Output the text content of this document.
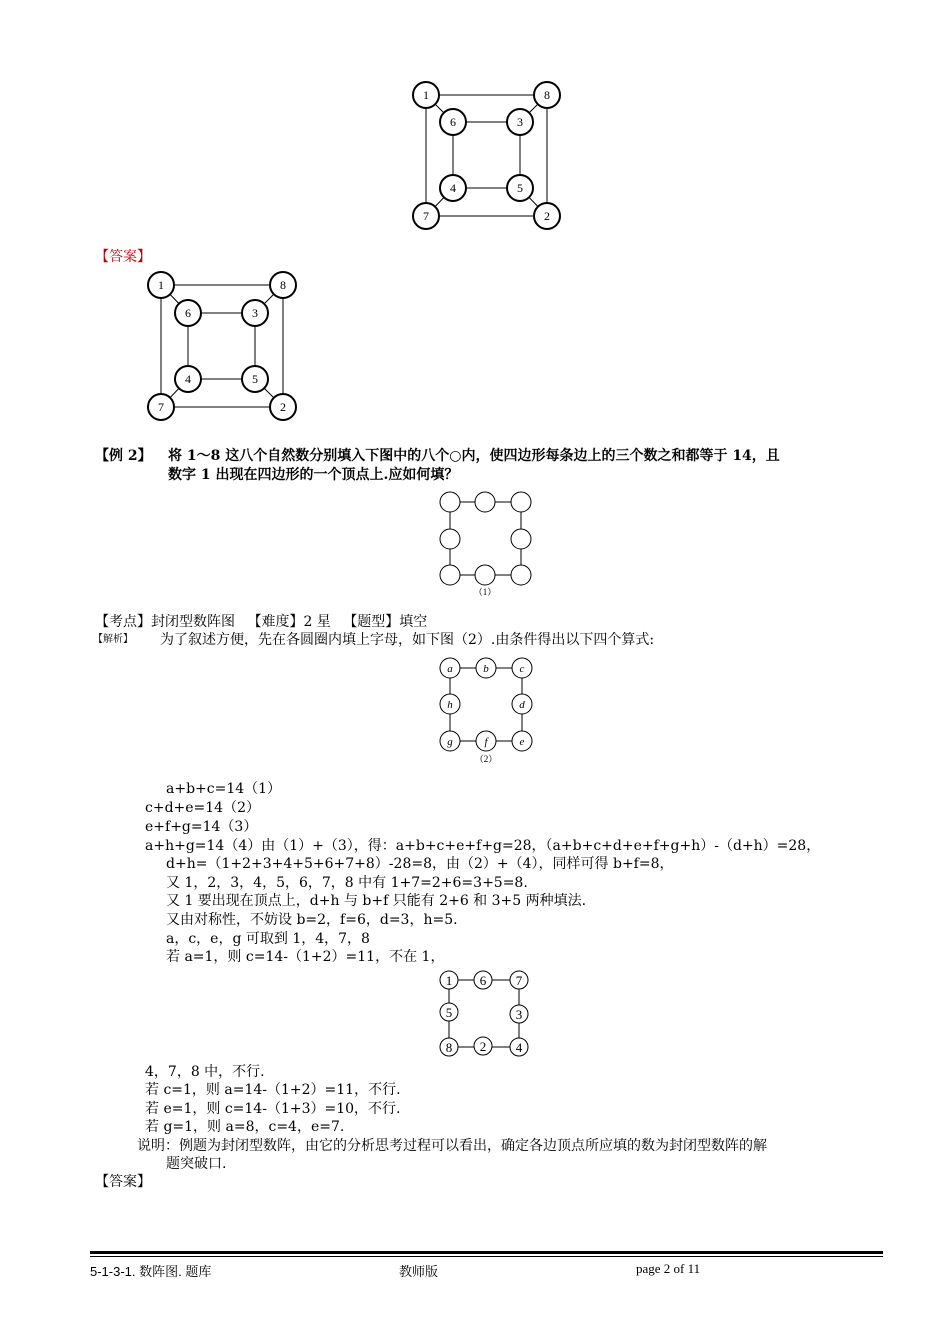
1	8
2
7
6	3
5
4
【答案】
1	8
2
7
6	3
5
4
【例 2】 将 1～8 这八个自然数分别填入下图中的八个○内，使四边形每条边上的三个数之和都等于 14，且
数字 1 出现在四边形的一个顶点上.应如何填？
（1）
【考点】封闭型数阵图 【难度】2 星 【题型】填空
【解析】 为了叙述方便，先在各圆圈内填上字母，如下图（2）.由条件得出以下四个算式:
a	b	c
d
e
f
g
h
（2）
a+b+c=14（1）
c+d+e=14（2）
e+f+g=14（3）
a+h+g=14（4）由（1）+（3），得：a+b+c+e+f+g=28，（a+b+c+d+e+f+g+h）-（d+h）=28，
d+h=（1+2+3+4+5+6+7+8）-28=8，由（2）+（4），同样可得 b+f=8，
又 1，2，3，4，5，6，7，8 中有 1+7=2+6=3+5=8.
又 1 要出现在顶点上，d+h 与 b+f 只能有 2+6 和 3+5 两种填法.
又由对称性，不妨设 b=2，f=6，d=3，h=5.
a，c，e，g 可取到 1，4，7，8
若 a=1，则 c=14-（1+2）=11，不在 1，
1 6 7
5	3
8 2 4
4，7，8 中，不行.
若 c=1，则 a=14-（1+2）=11，不行.
若 e=1，则 c=14-（1+3）=10，不行.
若 g=1，则 a=8，c=4，e=7.
说明：例题为封闭型数阵，由它的分析思考过程可以看出，确定各边顶点所应填的数为封闭型数阵的解
题突破口.
【答案】
5-1-3-1. 数阵图. 题库	教师版	page 2 of 11
